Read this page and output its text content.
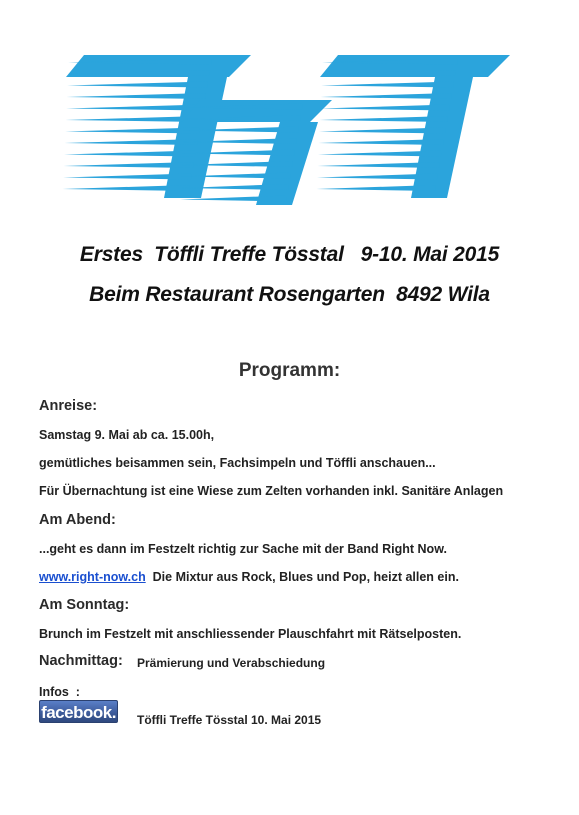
Erstes  Töffli Treffe Tösstal   9-10. Mai 2015
Beim Restaurant Rosengarten  8492 Wila
Programm:
Anreise:
Samstag 9. Mai ab ca. 15.00h,
gemütliches beisammen sein, Fachsimpeln und Töffli anschauen...
Für Übernachtung ist eine Wiese zum Zelten vorhanden inkl. Sanitäre Anlagen
Am Abend:
...geht es dann im Festzelt richtig zur Sache mit der Band Right Now.
www.right-now.ch  Die Mixtur aus Rock, Blues und Pop, heizt allen ein.
Am Sonntag:
Brunch im Festzelt mit anschliessender Plauschfahrt mit Rätselposten.
Nachmittag: Prämierung und Verabschiedung
Infos  :
facebook. Töffli Treffe Tösstal 10. Mai 2015
